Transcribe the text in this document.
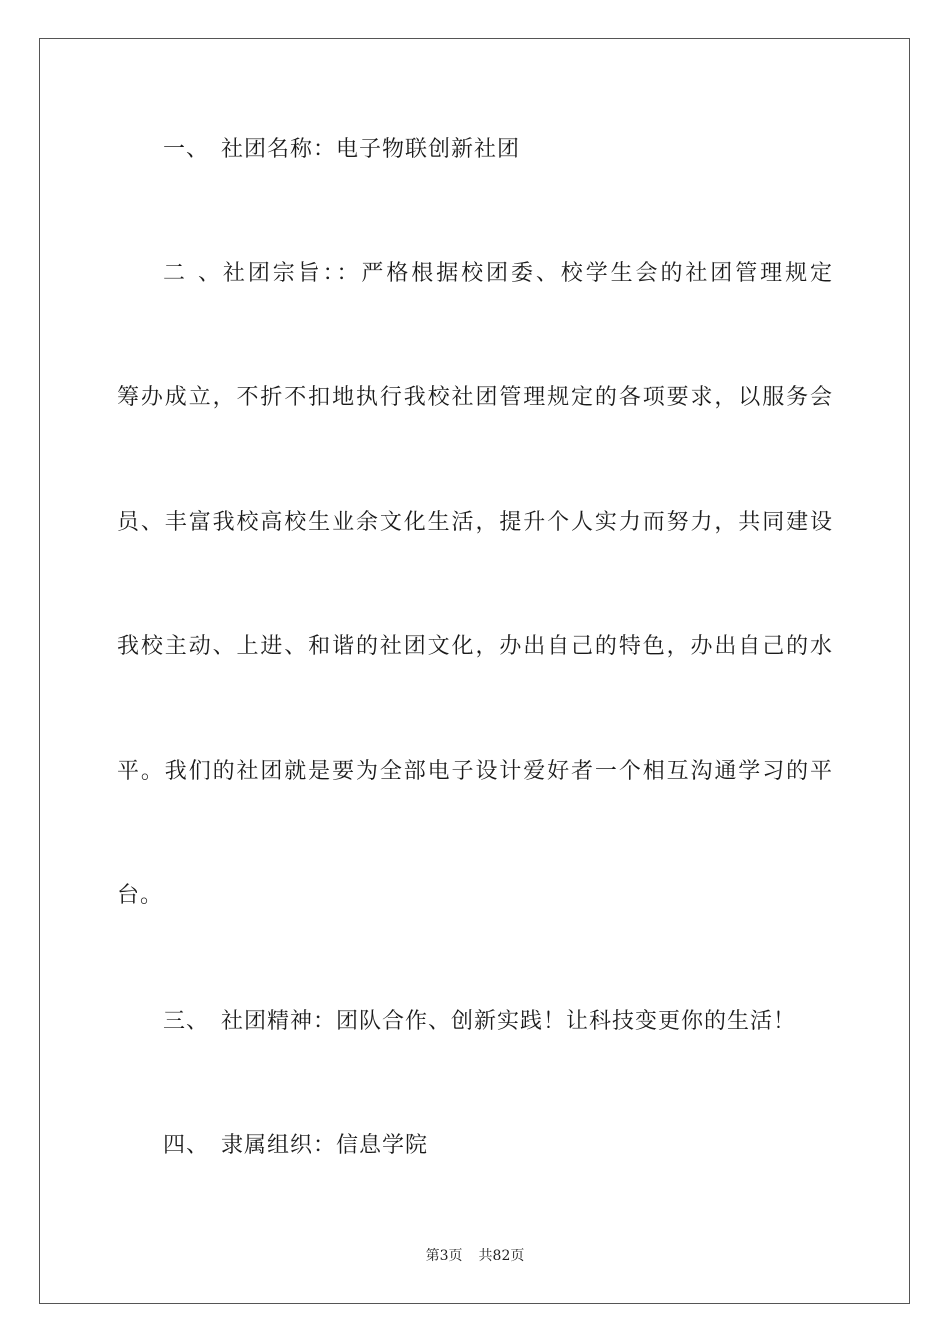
一、 社团名称：电子物联创新社团
二、社团宗旨：：严格根据校团委、校学生会的社团管理规定
筹办成立，不折不扣地执行我校社团管理规定的各项要求，以服务会
员、丰富我校高校生业余文化生活，提升个人实力而努力，共同建设
我校主动、上进、和谐的社团文化，办出自己的特色，办出自己的水
平。我们的社团就是要为全部电子设计爱好者一个相互沟通学习的平
台。
三、 社团精神：团队合作、创新实践！让科技变更你的生活！
四、 隶属组织：信息学院
第3页 共82页
